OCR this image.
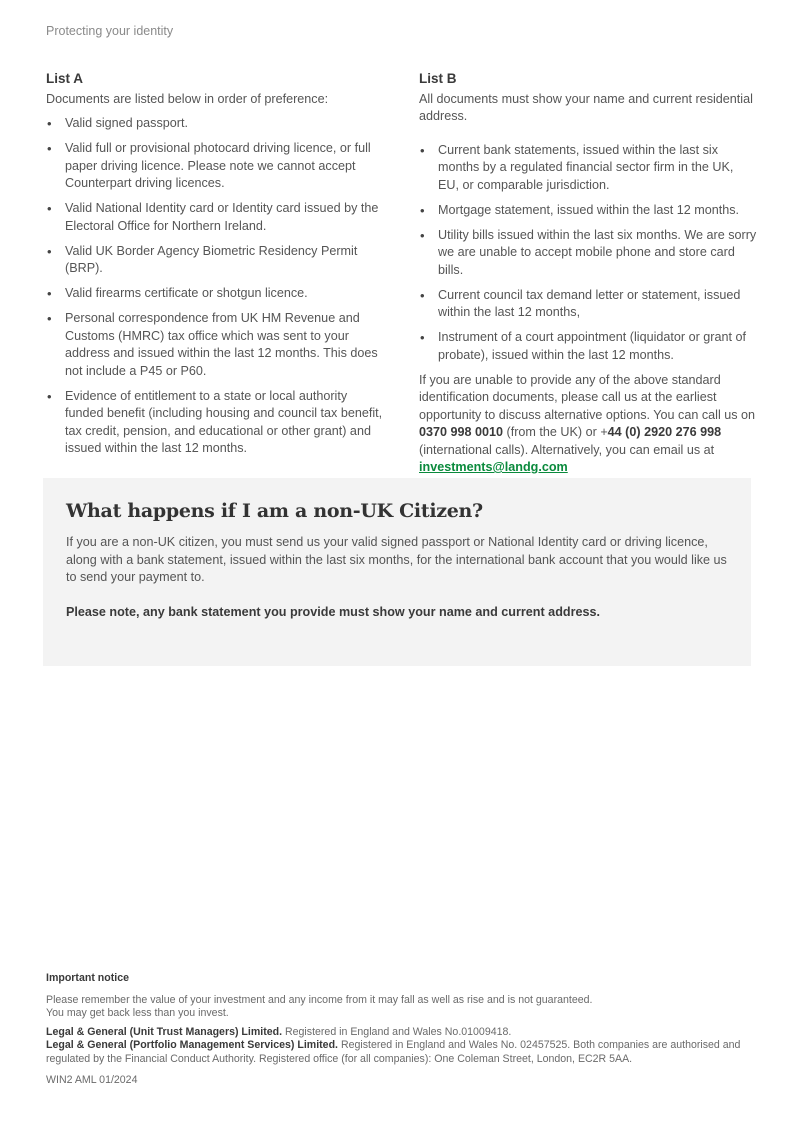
Protecting your identity
List A

Documents are listed below in order of preference:

• Valid signed passport.
• Valid full or provisional photocard driving licence, or full paper driving licence. Please note we cannot accept Counterpart driving licences.
• Valid National Identity card or Identity card issued by the Electoral Office for Northern Ireland.
• Valid UK Border Agency Biometric Residency Permit (BRP).
• Valid firearms certificate or shotgun licence.
• Personal correspondence from UK HM Revenue and Customs (HMRC) tax office which was sent to your address and issued within the last 12 months. This does not include a P45 or P60.
• Evidence of entitlement to a state or local authority funded benefit (including housing and council tax benefit, tax credit, pension, and educational or other grant) and issued within the last 12 months.
List B

All documents must show your name and current residential address.

• Current bank statements, issued within the last six months by a regulated financial sector firm in the UK, EU, or comparable jurisdiction.
• Mortgage statement, issued within the last 12 months.
• Utility bills issued within the last six months. We are sorry we are unable to accept mobile phone and store card bills.
• Current council tax demand letter or statement, issued within the last 12 months,
• Instrument of a court appointment (liquidator or grant of probate), issued within the last 12 months.

If you are unable to provide any of the above standard identification documents, please call us at the earliest opportunity to discuss alternative options. You can call us on 0370 998 0010 (from the UK) or +44 (0) 2920 276 998 (international calls). Alternatively, you can email us at investments@landg.com

What happens if I am a non-UK Citizen?
If you are a non-UK citizen, you must send us your valid signed passport or National Identity card or driving licence, along with a bank statement, issued within the last six months, for the international bank account that you would like us to send your payment to.
Please note, any bank statement you provide must show your name and current address.
Important notice
Please remember the value of your investment and any income from it may fall as well as rise and is not guaranteed.
You may get back less than you invest.
Legal & General (Unit Trust Managers) Limited. Registered in England and Wales No.01009418.
Legal & General (Portfolio Management Services) Limited. Registered in England and Wales No. 02457525. Both companies are authorised and regulated by the Financial Conduct Authority. Registered office (for all companies): One Coleman Street, London, EC2R 5AA.
WIN2 AML 01/2024
